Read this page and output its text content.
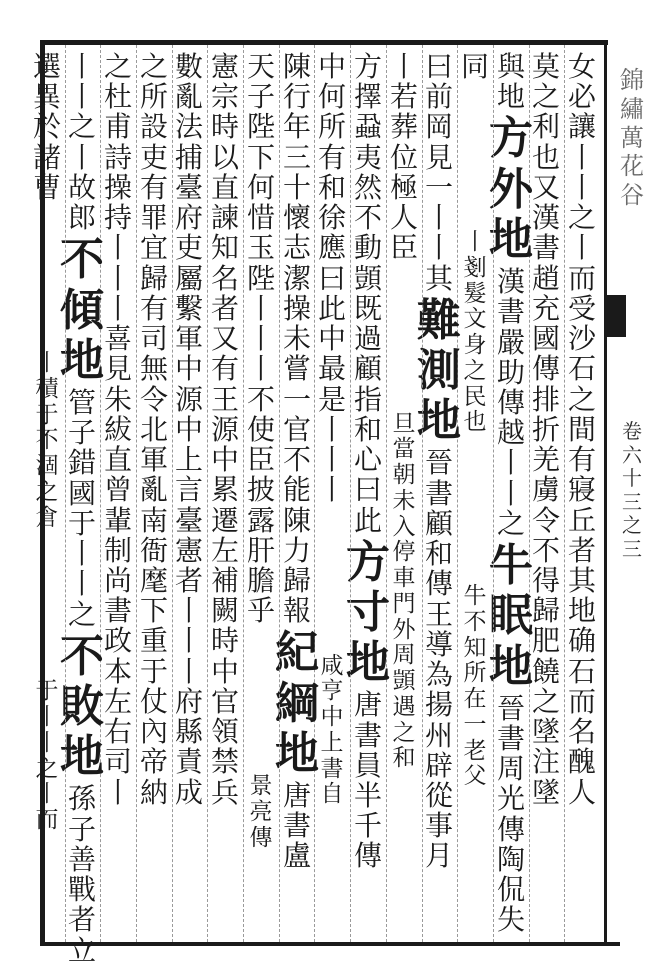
錦
繡
萬
花
谷
卷
六
十
三
之
三
女
必
讓
丨
丨
之
丨
而
受
沙
石
之
間
有
寢
丘
者
其
地
确
石
而
名
醜
人
莫
之
利
也
又
漢
書
趙
充
國
傳
排
折
羌
虜
令
不
得
歸
肥
饒
之
墜
注
墜
與
地
方
外
地
漢
書
嚴
助
傳
越
丨
丨
之
牛
眠
地
晉
書
周
光
傳
陶
侃
失
同
丨
剗
髮
文
身
之
民
也
牛
不
知
所
在
一
老
父
曰
前
岡
見
一
丨
丨
其
難
測
地
晉
書
顧
和
傳
王
導
為
揚
州
辟
從
事
月
丨
若
葬
位
極
人
臣
旦
當
朝
未
入
停
車
門
外
周
顗
遇
之
和
方
擇
蝨
夷
然
不
動
顗
既
過
顧
指
和
心
曰
此
方
寸
地
唐
書
員
半
千
傳
中
何
所
有
和
徐
應
曰
此
中
最
是
丨
丨
丨
咸
亨
中
上
書
自
陳
行
年
三
十
懷
志
潔
操
未
嘗
一
官
不
能
陳
力
歸
報
紀
綱
地
唐
書
盧
天
子
陛
下
何
惜
玉
陛
丨
丨
丨
不
使
臣
披
露
肝
膽
乎
景
亮
傳
憲
宗
時
以
直
諫
知
名
者
又
有
王
源
中
累
遷
左
補
闕
時
中
官
領
禁
兵
數
亂
法
捕
臺
府
吏
屬
繫
軍
中
源
中
上
言
臺
憲
者
丨
丨
丨
府
縣
責
成
之
所
設
吏
有
罪
宜
歸
有
司
無
令
北
軍
亂
南
衙
麾
下
重
于
仗
內
帝
納
之
杜
甫
詩
操
持
丨
丨
丨
喜
見
朱
紱
直
曾
輩
制
尚
書
政
本
左
右
司
丨
丨
丨
之
丨
故
郎
不
傾
地
管
子
錯
國
于
丨
丨
之
不
敗
地
孫
子
善
戰
者
立
選
異
於
諸
曹
丨
積
于
不
涸
之
倉
于
丨
丨
之
丨
而
